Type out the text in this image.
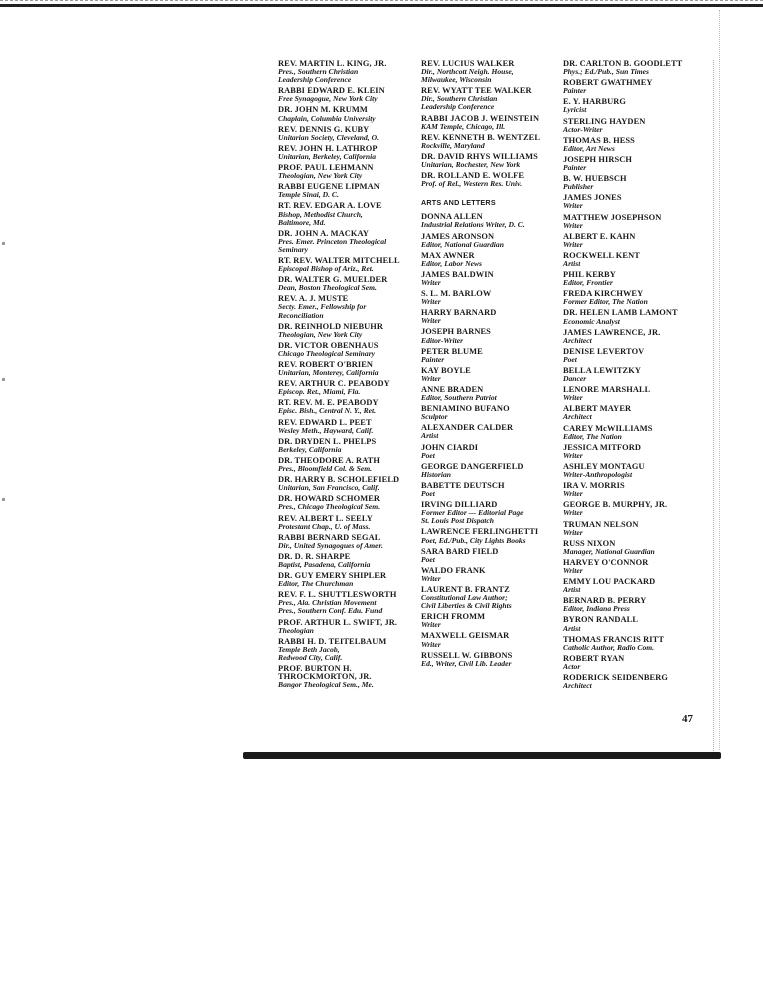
REV. MARTIN L. KING, JR.
Pres., Southern Christian
Leadership Conference
RABBI EDWARD E. KLEIN
Free Synagogue, New York City
DR. JOHN M. KRUMM
Chaplain, Columbia University
REV. DENNIS G. KUBY
Unitarian Society, Cleveland, O.
REV. JOHN H. LATHROP
Unitarian, Berkeley, California
PROF. PAUL LEHMANN
Theologian, New York City
RABBI EUGENE LIPMAN
Temple Sinai, D. C.
RT. REV. EDGAR A. LOVE
Bishop, Methodist Church,
Baltimore, Md.
DR. JOHN A. MACKAY
Pres. Emer. Princeton Theological
Seminary
RT. REV. WALTER MITCHELL
Episcopal Bishop of Ariz., Ret.
DR. WALTER G. MUELDER
Dean, Boston Theological Sem.
REV. A. J. MUSTE
Secty. Emer., Fellowship for
Reconciliation
DR. REINHOLD NIEBUHR
Theologian, New York City
DR. VICTOR OBENHAUS
Chicago Theological Seminary
REV. ROBERT O'BRIEN
Unitarian, Monterey, California
REV. ARTHUR C. PEABODY
Episcop. Ret., Miami, Fla.
RT. REV. M. E. PEABODY
Episc. Bish., Central N. Y., Ret.
REV. EDWARD L. PEET
Wesley Meth., Hayward, Calif.
DR. DRYDEN L. PHELPS
Berkeley, California
DR. THEODORE A. RATH
Pres., Bloomfield Col. & Sem.
DR. HARRY B. SCHOLEFIELD
Unitarian, San Francisco, Calif.
DR. HOWARD SCHOMER
Pres., Chicago Theological Sem.
REV. ALBERT L. SEELY
Protestant Chap., U. of Mass.
RABBI BERNARD SEGAL
Dir., United Synagogues of Amer.
DR. D. R. SHARPE
Baptist, Pasadena, California
DR. GUY EMERY SHIPLER
Editor, The Churchman
REV. F. L. SHUTTLESWORTH
Pres., Ala. Christian Movement
Pres., Southern Conf. Edu. Fund
PROF. ARTHUR L. SWIFT, JR.
Theologian
RABBI H. D. TEITELBAUM
Temple Beth Jacob,
Redwood City, Calif.
PROF. BURTON H.
THROCKMORTON, JR.
Bangor Theological Sem., Me.
REV. LUCIUS WALKER
Dir., Northcott Neigh. House,
Milwaukee, Wisconsin
REV. WYATT TEE WALKER
Dir., Southern Christian
Leadership Conference
RABBI JACOB J. WEINSTEIN
KAM Temple, Chicago, Ill.
REV. KENNETH B. WENTZEL
Rockville, Maryland
DR. DAVID RHYS WILLIAMS
Unitarian, Rochester, New York
DR. ROLLAND E. WOLFE
Prof. of Rel., Western Res. Univ.
ARTS AND LETTERS
DONNA ALLEN
Industrial Relations Writer, D. C.
JAMES ARONSON
Editor, National Guardian
MAX AWNER
Editor, Labor News
JAMES BALDWIN
Writer
S. L. M. BARLOW
Writer
HARRY BARNARD
Writer
JOSEPH BARNES
Editor-Writer
PETER BLUME
Painter
KAY BOYLE
Writer
ANNE BRADEN
Editor, Southern Patriot
BENIAMINO BUFANO
Sculptor
ALEXANDER CALDER
Artist
JOHN CIARDI
Poet
GEORGE DANGERFIELD
Historian
BABETTE DEUTSCH
Poet
IRVING DILLIARD
Former Editor — Editorial Page
St. Louis Post Dispatch
LAWRENCE FERLINGHETTI
Poet, Ed./Pub., City Lights Books
SARA BARD FIELD
Poet
WALDO FRANK
Writer
LAURENT B. FRANTZ
Constitutional Law Author;
Civil Liberties & Civil Rights
ERICH FROMM
Writer
MAXWELL GEISMAR
Writer
RUSSELL W. GIBBONS
Ed., Writer, Civil Lib. Leader
DR. CARLTON B. GOODLETT
Phys.; Ed./Pub., Sun Times
ROBERT GWATHMEY
Painter
E. Y. HARBURG
Lyricist
STERLING HAYDEN
Actor-Writer
THOMAS B. HESS
Editor, Art News
JOSEPH HIRSCH
Painter
B. W. HUEBSCH
Publisher
JAMES JONES
Writer
MATTHEW JOSEPHSON
Writer
ALBERT E. KAHN
Writer
ROCKWELL KENT
Artist
PHIL KERBY
Editor, Frontier
FREDA KIRCHWEY
Former Editor, The Nation
DR. HELEN LAMB LAMONT
Economic Analyst
JAMES LAWRENCE, JR.
Architect
DENISE LEVERTOV
Poet
BELLA LEWITZKY
Dancer
LENORE MARSHALL
Writer
ALBERT MAYER
Architect
CAREY McWILLIAMS
Editor, The Nation
JESSICA MITFORD
Writer
ASHLEY MONTAGU
Writer-Anthropologist
IRA V. MORRIS
Writer
GEORGE B. MURPHY, JR.
Writer
TRUMAN NELSON
Writer
RUSS NIXON
Manager, National Guardian
HARVEY O'CONNOR
Writer
EMMY LOU PACKARD
Artist
BERNARD B. PERRY
Editor, Indiana Press
BYRON RANDALL
Artist
THOMAS FRANCIS RITT
Catholic Author, Radio Com.
ROBERT RYAN
Actor
RODERICK SEIDENBERG
Architect
47
